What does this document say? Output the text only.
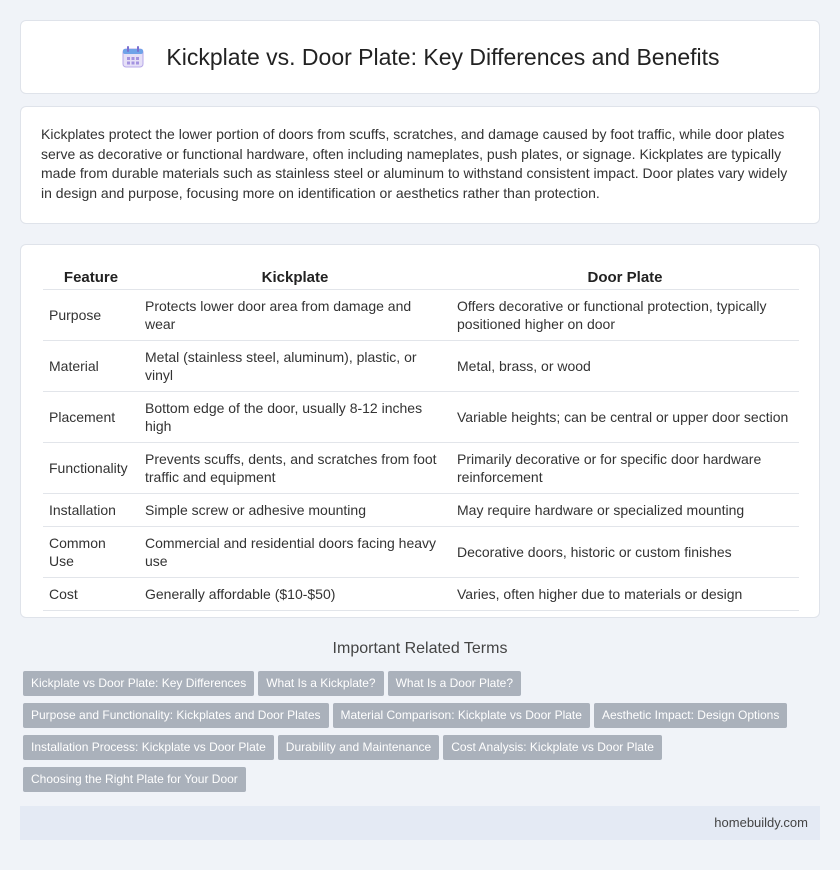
Kickplate vs. Door Plate: Key Differences and Benefits

Kickplates protect the lower portion of doors from scuffs, scratches, and damage caused by foot traffic, while door plates serve as decorative or functional hardware, often including nameplates, push plates, or signage. Kickplates are typically made from durable materials such as stainless steel or aluminum to withstand consistent impact. Door plates vary widely in design and purpose, focusing more on identification or aesthetics rather than protection.

Feature	Kickplate	Door Plate
Purpose	Protects lower door area from damage and wear	Offers decorative or functional protection, typically positioned higher on door
Material	Metal (stainless steel, aluminum), plastic, or vinyl	Metal, brass, or wood
Placement	Bottom edge of the door, usually 8-12 inches high	Variable heights; can be central or upper door section
Functionality	Prevents scuffs, dents, and scratches from foot traffic and equipment	Primarily decorative or for specific door hardware reinforcement
Installation	Simple screw or adhesive mounting	May require hardware or specialized mounting
Common Use	Commercial and residential doors facing heavy use	Decorative doors, historic or custom finishes
Cost	Generally affordable ($10-$50)	Varies, often higher due to materials or design
Important Related Terms
Kickplate vs Door Plate: Key Differences What Is a Kickplate? What Is a Door Plate?
Purpose and Functionality: Kickplates and Door Plates Material Comparison: Kickplate vs Door Plate Aesthetic Impact: Design Options
Installation Process: Kickplate vs Door Plate Durability and Maintenance Cost Analysis: Kickplate vs Door Plate
Choosing the Right Plate for Your Door
homebuildy.com
